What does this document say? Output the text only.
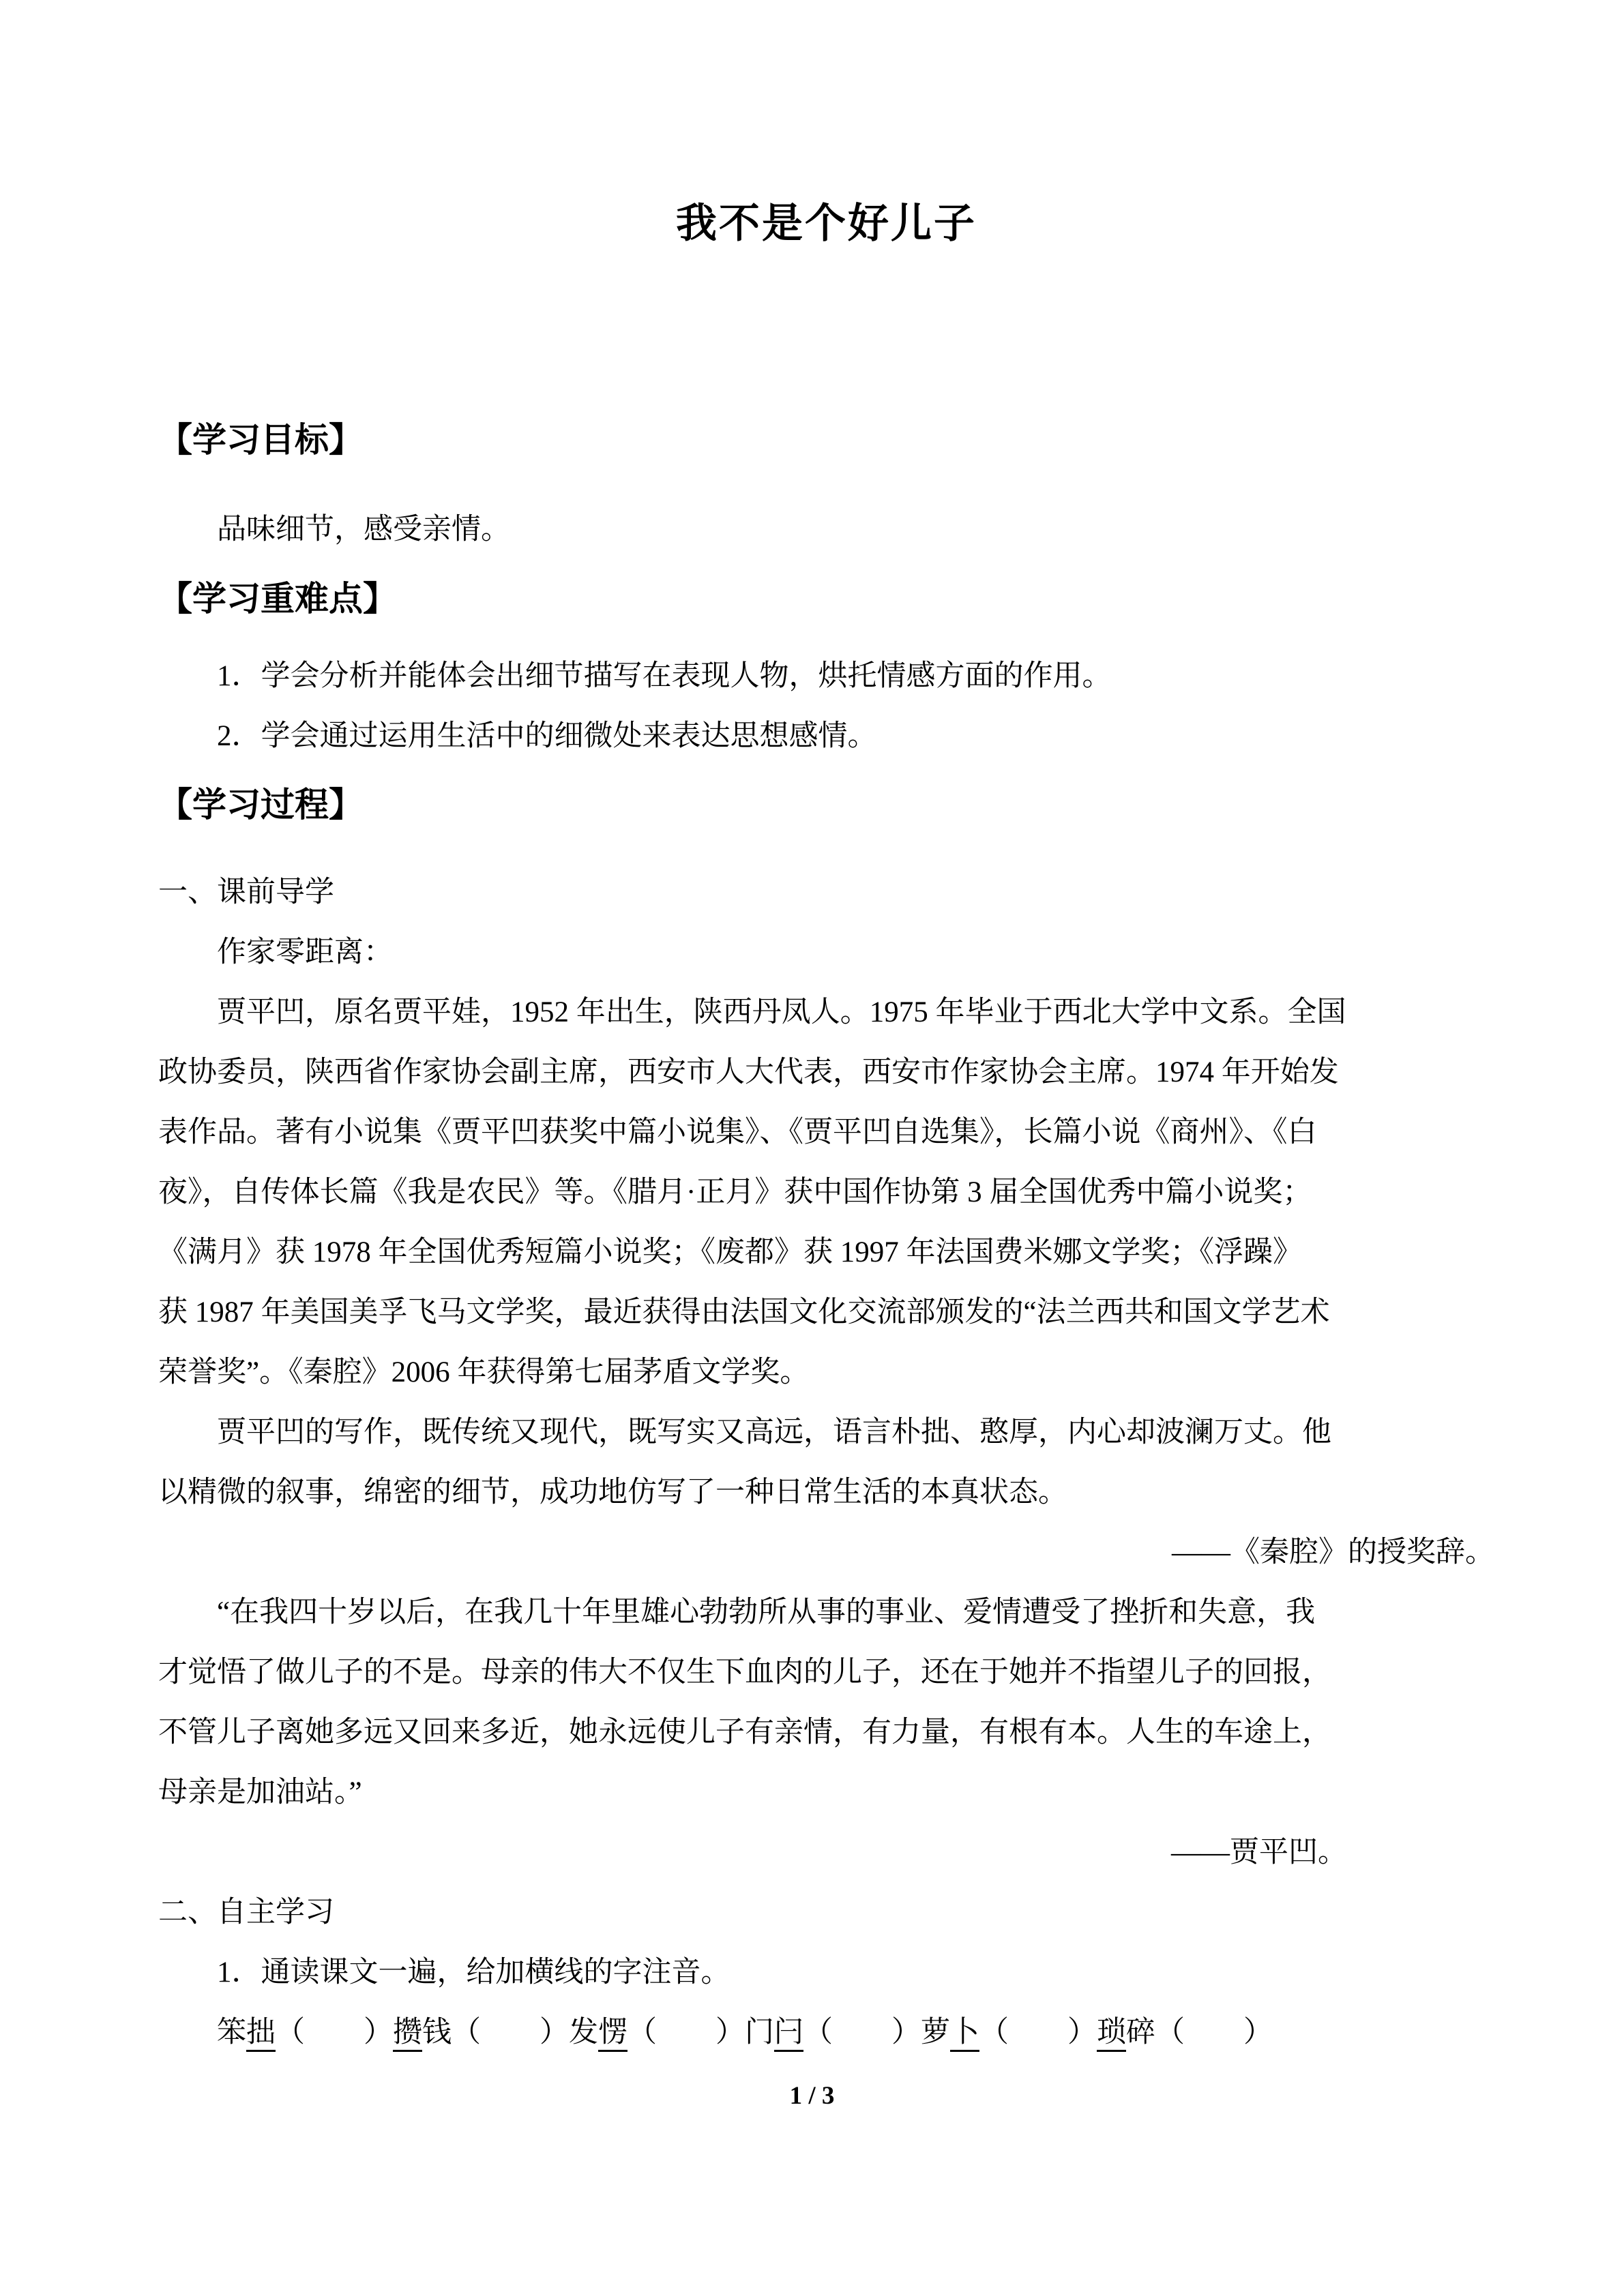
我不是个好儿子
【学习目标】
品味细节，感受亲情。
【学习重难点】
1．学会分析并能体会出细节描写在表现人物，烘托情感方面的作用。
2．学会通过运用生活中的细微处来表达思想感情。
【学习过程】
一、课前导学
作家零距离：
贾平凹，原名贾平娃，1952 年出生，陕西丹凤人。1975 年毕业于西北大学中文系。全国
政协委员，陕西省作家协会副主席，西安市人大代表，西安市作家协会主席。1974 年开始发
表作品。著有小说集《贾平凹获奖中篇小说集》、《贾平凹自选集》，长篇小说《商州》、《白
夜》，自传体长篇《我是农民》等。《腊月·正月》获中国作协第 3 届全国优秀中篇小说奖；
《满月》获 1978 年全国优秀短篇小说奖；《废都》获 1997 年法国费米娜文学奖；《浮躁》
获 1987 年美国美孚飞马文学奖，最近获得由法国文化交流部颁发的“法兰西共和国文学艺术
荣誉奖”。《秦腔》2006 年获得第七届茅盾文学奖。
贾平凹的写作，既传统又现代，既写实又高远，语言朴拙、憨厚，内心却波澜万丈。他
以精微的叙事，绵密的细节，成功地仿写了一种日常生活的本真状态。
——《秦腔》的授奖辞。
“在我四十岁以后，在我几十年里雄心勃勃所从事的事业、爱情遭受了挫折和失意，我
才觉悟了做儿子的不是。母亲的伟大不仅生下血肉的儿子，还在于她并不指望儿子的回报，
不管儿子离她多远又回来多近，她永远使儿子有亲情，有力量，有根有本。人生的车途上，
母亲是加油站。”
——贾平凹。
二、自主学习
1．通读课文一遍，给加横线的字注音。
笨拙（　　）攒钱（　　）发愣（　　）门闩（　　）萝卜（　　）琐碎（　　）
1 / 3
